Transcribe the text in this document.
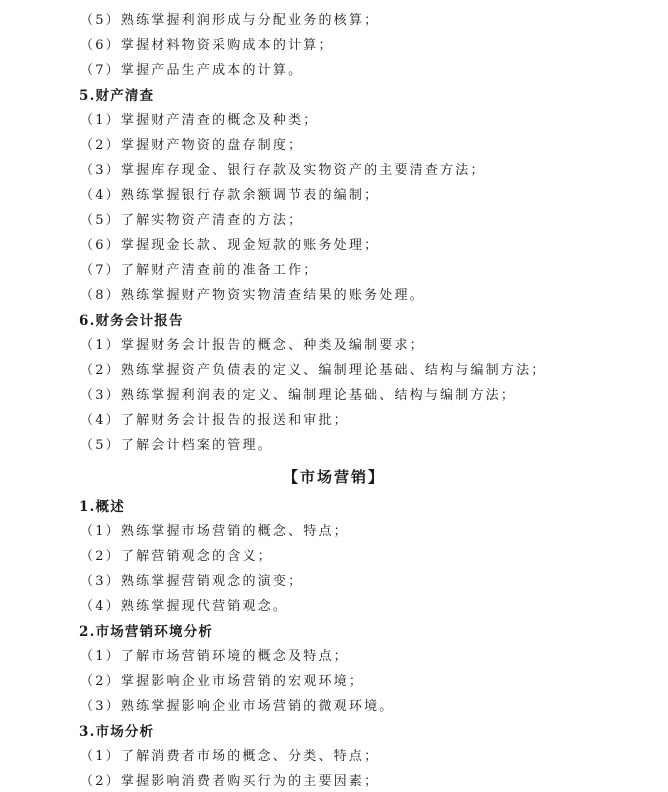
（5）熟练掌握利润形成与分配业务的核算；
（6）掌握材料物资采购成本的计算；
（7）掌握产品生产成本的计算。
5.财产清查
（1）掌握财产清查的概念及种类；
（2）掌握财产物资的盘存制度；
（3）掌握库存现金、银行存款及实物资产的主要清查方法；
（4）熟练掌握银行存款余额调节表的编制；
（5）了解实物资产清查的方法；
（6）掌握现金长款、现金短款的账务处理；
（7）了解财产清查前的准备工作；
（8）熟练掌握财产物资实物清查结果的账务处理。
6.财务会计报告
（1）掌握财务会计报告的概念、种类及编制要求；
（2）熟练掌握资产负债表的定义、编制理论基础、结构与编制方法；
（3）熟练掌握利润表的定义、编制理论基础、结构与编制方法；
（4）了解财务会计报告的报送和审批；
（5）了解会计档案的管理。
【市场营销】
1.概述
（1）熟练掌握市场营销的概念、特点；
（2）了解营销观念的含义；
（3）熟练掌握营销观念的演变；
（4）熟练掌握现代营销观念。
2.市场营销环境分析
（1）了解市场营销环境的概念及特点；
（2）掌握影响企业市场营销的宏观环境；
（3）熟练掌握影响企业市场营销的微观环境。
3.市场分析
（1）了解消费者市场的概念、分类、特点；
（2）掌握影响消费者购买行为的主要因素；
